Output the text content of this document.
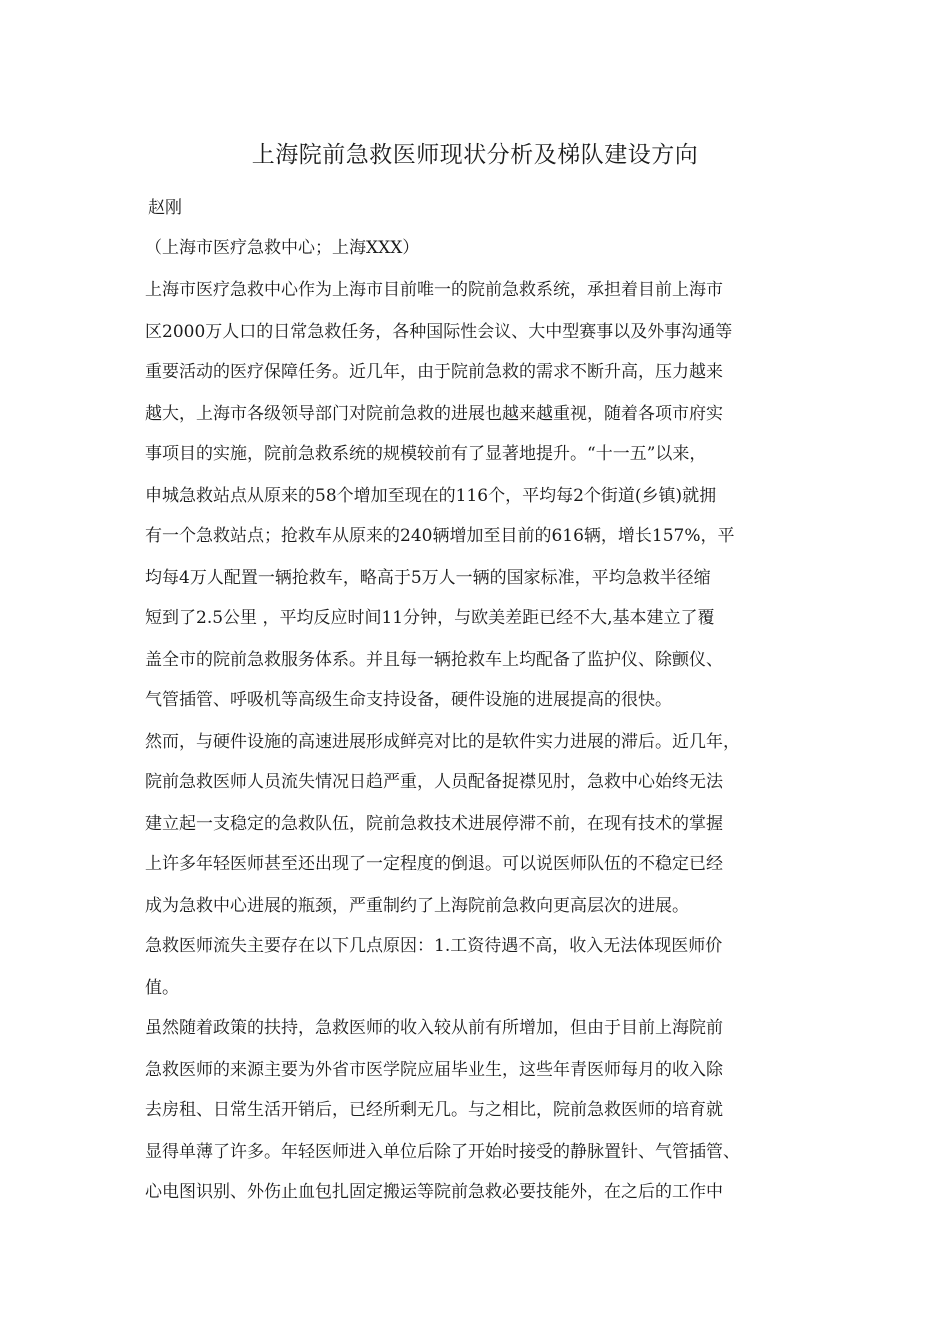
上海院前急救医师现状分析及梯队建设方向
赵刚
（上海市医疗急救中心；上海XXX）
上海市医疗急救中心作为上海市目前唯一的院前急救系统，承担着目前上海市
区2000万人口的日常急救任务，各种国际性会议、大中型赛事以及外事沟通等
重要活动的医疗保障任务。近几年，由于院前急救的需求不断升高，压力越来
越大，上海市各级领导部门对院前急救的进展也越来越重视，随着各项市府实
事项目的实施，院前急救系统的规模较前有了显著地提升。“十一五”以来，
申城急救站点从原来的58个增加至现在的116个，平均每2个街道(乡镇)就拥
有一个急救站点；抢救车从原来的240辆增加至目前的616辆，增长157%，平
均每4万人配置一辆抢救车，略高于5万人一辆的国家标准，平均急救半径缩
短到了2.5公里 ，平均反应时间11分钟，与欧美差距已经不大,基本建立了覆
盖全市的院前急救服务体系。并且每一辆抢救车上均配备了监护仪、除颤仪、
气管插管、呼吸机等高级生命支持设备，硬件设施的进展提高的很快。
然而，与硬件设施的高速进展形成鲜亮对比的是软件实力进展的滞后。近几年，
院前急救医师人员流失情况日趋严重，人员配备捉襟见肘，急救中心始终无法
建立起一支稳定的急救队伍，院前急救技术进展停滞不前，在现有技术的掌握
上许多年轻医师甚至还出现了一定程度的倒退。可以说医师队伍的不稳定已经
成为急救中心进展的瓶颈，严重制约了上海院前急救向更高层次的进展。
急救医师流失主要存在以下几点原因：1.工资待遇不高，收入无法体现医师价
值。
虽然随着政策的扶持，急救医师的收入较从前有所增加，但由于目前上海院前
急救医师的来源主要为外省市医学院应届毕业生，这些年青医师每月的收入除
去房租、日常生活开销后，已经所剩无几。与之相比，院前急救医师的培育就
显得单薄了许多。年轻医师进入单位后除了开始时接受的静脉置针、气管插管、
心电图识别、外伤止血包扎固定搬运等院前急救必要技能外，在之后的工作中
